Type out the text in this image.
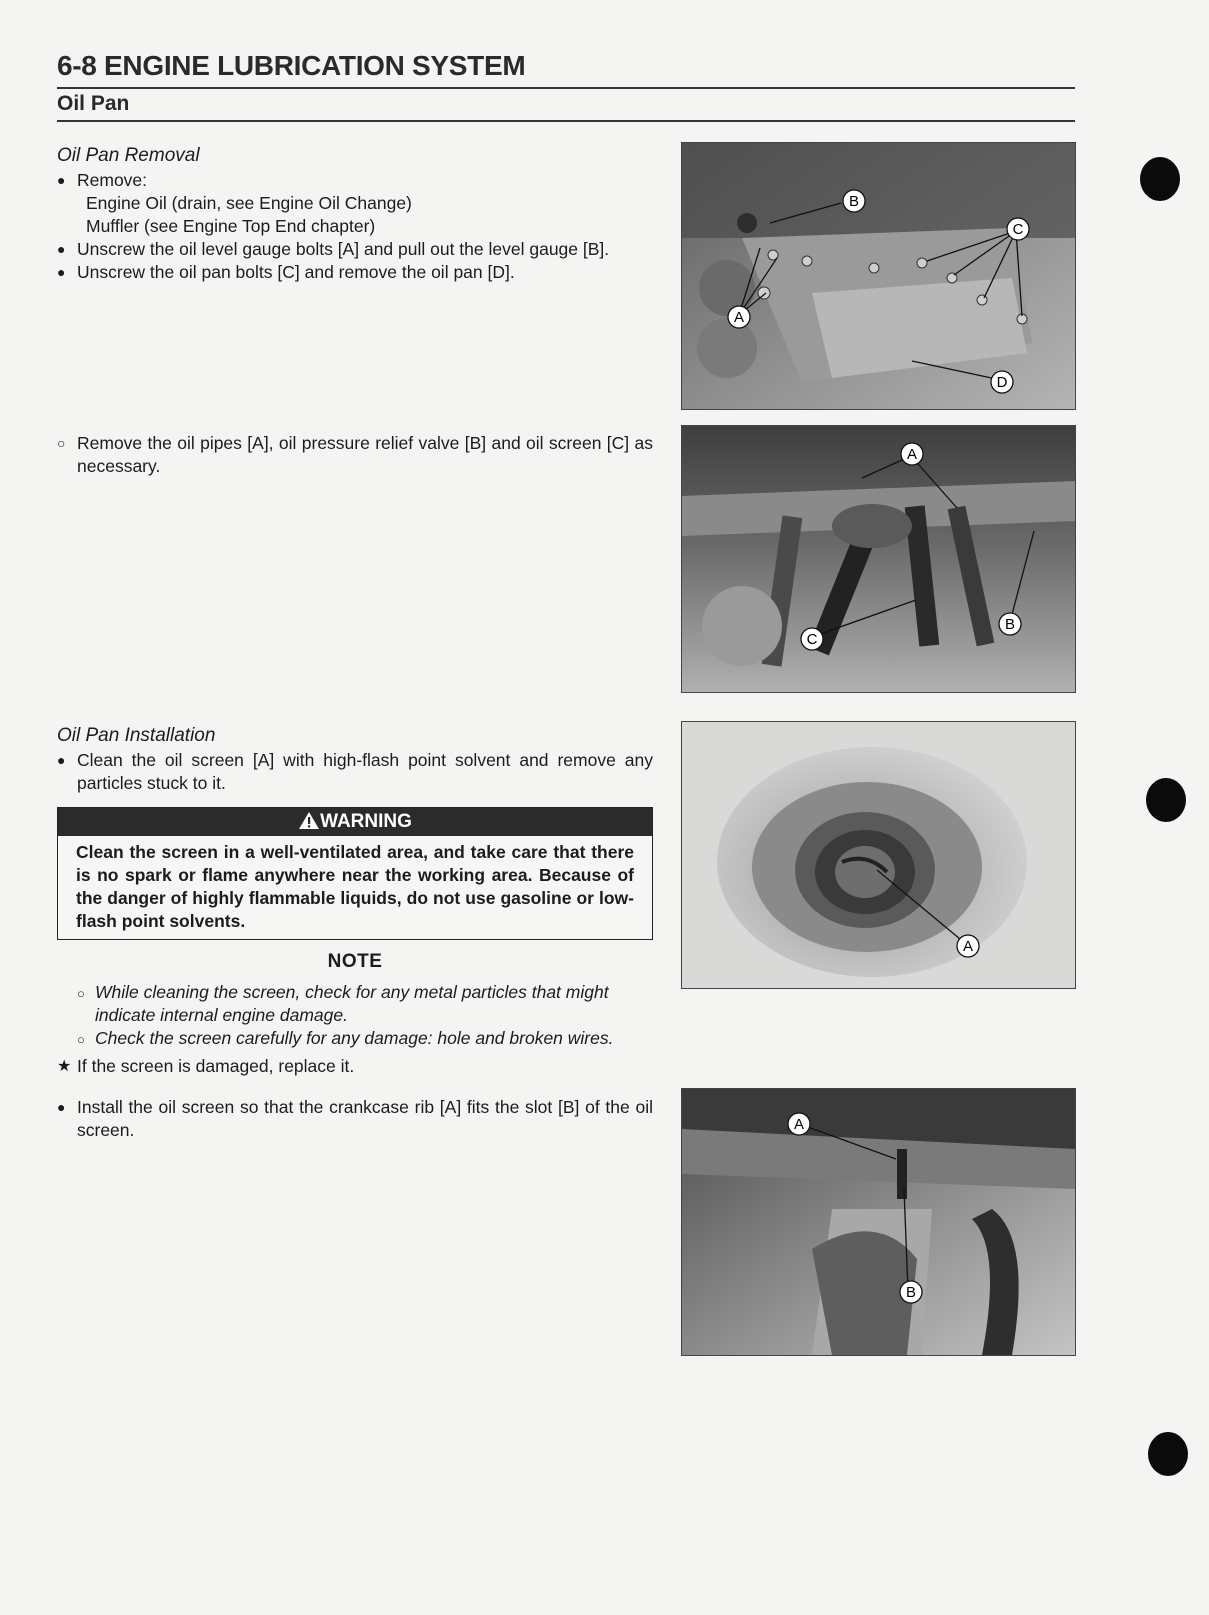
6-8 ENGINE LUBRICATION SYSTEM
Oil Pan
Oil Pan Removal
● Remove:
Engine Oil (drain, see Engine Oil Change)
Muffler (see Engine Top End chapter)
● Unscrew the oil level gauge bolts [A] and pull out the level gauge [B].
● Unscrew the oil pan bolts [C] and remove the oil pan [D].
○ Remove the oil pipes [A], oil pressure relief valve [B] and oil screen [C] as necessary.
Oil Pan Installation
● Clean the oil screen [A] with high-flash point solvent and remove any particles stuck to it.
WARNING
Clean the screen in a well-ventilated area, and take care that there is no spark or flame anywhere near the working area. Because of the danger of highly flammable liquids, do not use gasoline or low-flash point solvents.
NOTE
○ While cleaning the screen, check for any metal particles that might indicate internal engine damage.
○ Check the screen carefully for any damage: hole and broken wires.
★ If the screen is damaged, replace it.
● Install the oil screen so that the crankcase rib [A] fits the slot [B] of the oil screen.
B
C
A
D
A
B
C
A
A
B
